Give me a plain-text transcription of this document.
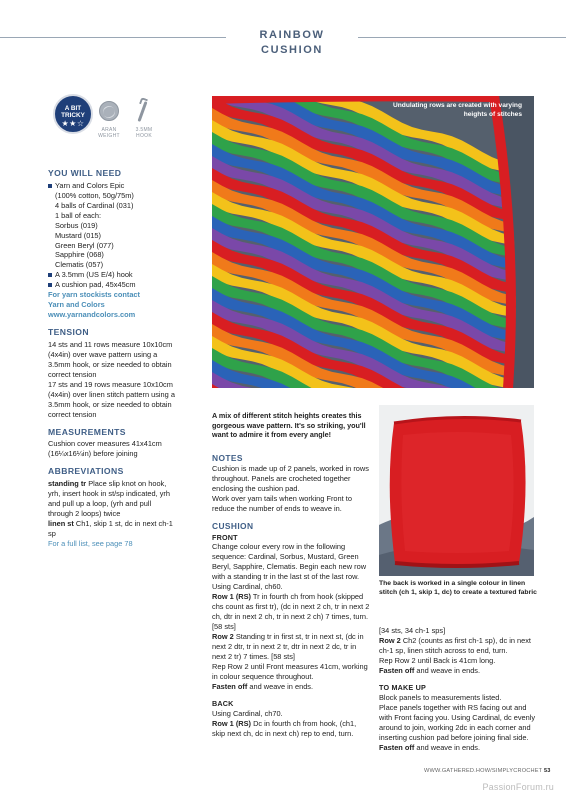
RAINBOW CUSHION
A BIT TRICKY
★★☆
ARAN
WEIGHT
3.5MM
HOOK
YOU WILL NEED
Yarn and Colors Epic
(100% cotton, 50g/75m)
4 balls of Cardinal (031)
1 ball of each:
Sorbus (019)
Mustard (015)
Green Beryl (077)
Sapphire (068)
Clematis (057)
A 3.5mm (US E/4) hook
A cushion pad, 45x45cm
For yarn stockists contact
Yarn and Colors
www.yarnandcolors.com
TENSION
14 sts and 11 rows measure 10x10cm (4x4in) over wave pattern using a 3.5mm hook, or size needed to obtain correct tension
17 sts and 19 rows measure 10x10cm (4x4in) over linen stitch pattern using a 3.5mm hook, or size needed to obtain correct tension
MEASUREMENTS
Cushion cover measures 41x41cm (16¼x16¼in) before joining
ABBREVIATIONS
standing tr Place slip knot on hook, yrh, insert hook in st/sp indicated, yrh and pull up a loop, (yrh and pull through 2 loops) twice
linen st Ch1, skip 1 st, dc in next ch-1 sp
For a full list, see page 78
Undulating rows are created with varying heights of stitches
A mix of different stitch heights creates this gorgeous wave pattern. It's so striking, you'll want to admire it from every angle!
The back is worked in a single colour in linen stitch (ch 1, skip 1, dc) to create a textured fabric
NOTES
Cushion is made up of 2 panels, worked in rows throughout. Panels are crocheted together enclosing the cushion pad.
Work over yarn tails when working Front to reduce the number of ends to weave in.
CUSHION
FRONT
Change colour every row in the following sequence: Cardinal, Sorbus, Mustard, Green Beryl, Sapphire, Clematis. Begin each new row with a standing tr in the last st of the last row.
Using Cardinal, ch60.
Row 1 (RS) Tr in fourth ch from hook (skipped chs count as first tr), (dc in next 2 ch, tr in next 2 ch, dtr in next 2 ch, tr in next 2 ch) 7 times, turn. [58 sts]
Row 2 Standing tr in first st, tr in next st, (dc in next 2 dtr, tr in next 2 tr, dtr in next 2 dc, tr in next 2 tr) 7 times. [58 sts]
Rep Row 2 until Front measures 41cm, working in colour sequence throughout.
Fasten off and weave in ends.
BACK
Using Cardinal, ch70.
Row 1 (RS) Dc in fourth ch from hook, (ch1, skip next ch, dc in next ch) rep to end, turn.
[34 sts, 34 ch-1 sps]
Row 2 Ch2 (counts as first ch-1 sp), dc in next ch-1 sp, linen stitch across to end, turn.
Rep Row 2 until Back is 41cm long.
Fasten off and weave in ends.
TO MAKE UP
Block panels to measurements listed.
Place panels together with RS facing out and with Front facing you. Using Cardinal, dc evenly around to join, working 2dc in each corner and inserting cushion pad before joining final side.
Fasten off and weave in ends.
WWW.GATHERED.HOW/SIMPLYCROCHET 53
PassionForum.ru
